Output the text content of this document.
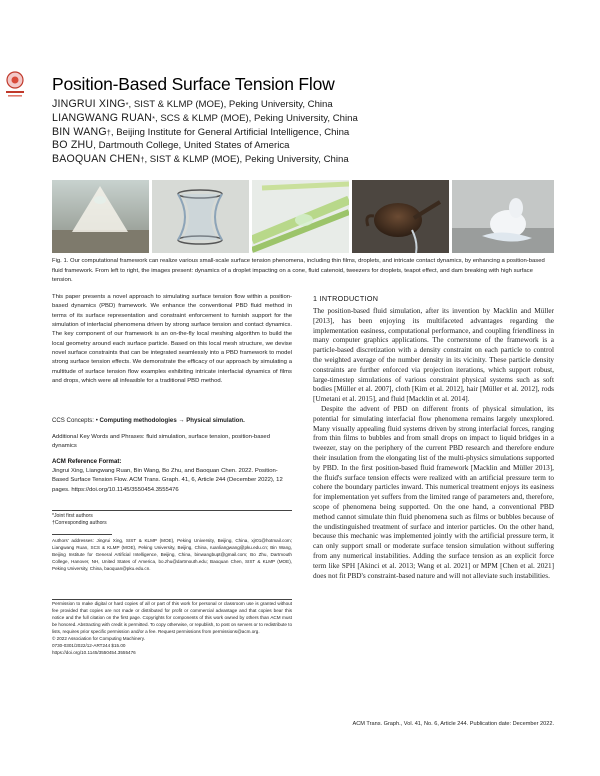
Position-Based Surface Tension Flow
JINGRUI XING*, SIST & KLMP (MOE), Peking University, China
LIANGWANG RUAN*, SCS & KLMP (MOE), Peking University, China
BIN WANG†, Beijing Institute for General Artificial Intelligence, China
BO ZHU, Dartmouth College, United States of America
BAOQUAN CHEN†, SIST & KLMP (MOE), Peking University, China
Fig. 1. Our computational framework can realize various small-scale surface tension phenomena, including thin films, droplets, and intricate contact dynamics, by enhancing a position-based fluid framework. From left to right, the images present: dynamics of a droplet impacting on a cone, fluid catenoid, tweezers for droplets, teapot effect, and dam breaking with high surface tension.
This paper presents a novel approach to simulating surface tension flow within a position-based dynamics (PBD) framework. We enhance the conventional PBD fluid method in terms of its surface representation and constraint enforcement to furnish support for the simulation of interfacial phenomena driven by strong surface tension and contact dynamics. The key component of our framework is an on-the-fly local meshing algorithm to build the local geometry around each surface particle. Based on this local mesh structure, we devise novel surface constraints that can be integrated seamlessly into a PBD framework to model strong surface tension effects. We demonstrate the efficacy of our approach by simulating a multitude of surface tension flow examples exhibiting intricate interfacial dynamics of films and drops, which were all infeasible for a traditional PBD method.
CCS Concepts: • Computing methodologies → Physical simulation.
Additional Key Words and Phrases: fluid simulation, surface tension, position-based dynamics
ACM Reference Format:
Jingrui Xing, Liangwang Ruan, Bin Wang, Bo Zhu, and Baoquan Chen. 2022. Position-Based Surface Tension Flow. ACM Trans. Graph. 41, 6, Article 244 (December 2022), 12 pages. https://doi.org/10.1145/3550454.3555476
*Joint first authors
†Corresponding authors
Authors' addresses: Jingrui Xing, SIST & KLMP (MOE), Peking University, Beijing, China, xjr01@hotmail.com; Liangwang Ruan, SCS & KLMP (MOE), Peking University, Beijing, China, ruanliangwang@pku.edu.cn; Bin Wang, Beijing Institute for General Artificial Intelligence, Beijing, China, binwangbupt@gmail.com; Bo Zhu, Dartmouth College, Hanover, NH, United States of America, bo.zhu@dartmouth.edu; Baoquan Chen, SIST & KLMP (MOE), Peking University, China, baoquan@pku.edu.cn.
Permission to make digital or hard copies of all or part of this work for personal or classroom use is granted without fee provided that copies are not made or distributed for profit or commercial advantage and that copies bear this notice and the full citation on the first page. Copyrights for components of this work owned by others than ACM must be honored. Abstracting with credit is permitted. To copy otherwise, or republish, to post on servers or to redistribute to lists, requires prior specific permission and/or a fee. Request permissions from permissions@acm.org.
© 2022 Association for Computing Machinery.
0730-0301/2022/12-ART244 $15.00
https://doi.org/10.1145/3550454.3555476
1 INTRODUCTION

The position-based fluid simulation, after its invention by Macklin and Müller [2013], has been enjoying its multifaceted advantages regarding the implementation easiness, computational performance, and coupling friendliness in many computer graphics applications. The cornerstone of the framework is a particle-based discretization with a density constraint on each particle to control the weighted average of the number density in its vicinity. These particle density constraints are further enforced via projection iterations, which support robust, large-timestep simulations of various constraint physical systems such as soft bodies [Müller et al. 2007], cloth [Kim et al. 2012], hair [Müller et al. 2012], rods [Umetani et al. 2015], and fluid [Macklin et al. 2014].

Despite the advent of PBD on different fronts of physical simulation, its potential for simulating interfacial flow phenomena remains largely unexplored. Many visually appealing fluid systems driven by strong interfacial forces, ranging from thin films to bubbles and from small drops on impact to liquid bridges in a tweezer, stay on the periphery of the current PBD research and therefore endure their insulation from the elongating list of the multi-physics simulations supported by PBD. In the first position-based fluid framework [Macklin and Müller 2013], the fluid's surface tension effects were realized with an artificial pressure term to cohere the boundary particles inward. This numerical treatment enjoys its easiness for implementation yet suffers from the limited range of parameters and, therefore, scope of phenomena being supported. On the one hand, a conventional PBD method cannot simulate thin fluid phenomena such as films or bubbles because of the undistinguished treatment of surface and interior particles. On the other hand, because this mechanic was implemented jointly with the artificial pressure term, it can only support small or moderate surface tension simulation without suffering from any numerical instabilities. Adding the surface tension as an explicit force term like SPH [Akinci et al. 2013; Wang et al. 2021] or MPM [Chen et al. 2021] does not fit PBD's constraint-based nature and will not alleviate such instabilities.

ACM Trans. Graph., Vol. 41, No. 6, Article 244. Publication date: December 2022.
